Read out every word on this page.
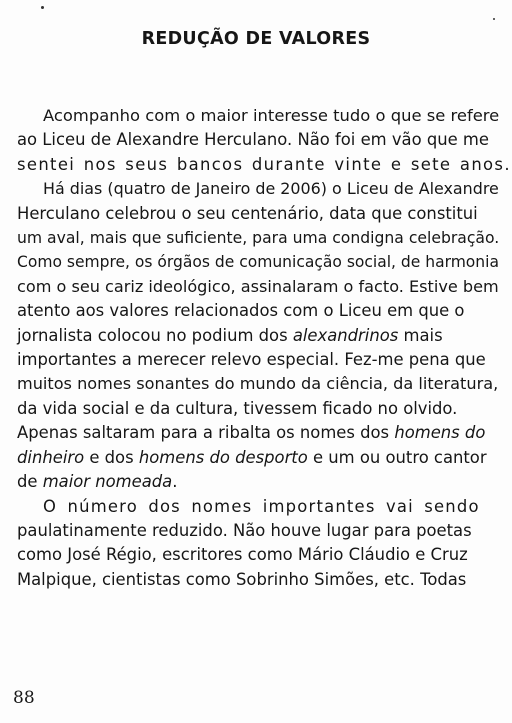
REDUÇÃO DE VALORES

Acompanho com o maior interesse tudo o que se refere
ao Liceu de Alexandre Herculano. Não foi em vão que me
sentei nos seus bancos durante vinte e sete anos.

Há dias (quatro de Janeiro de 2006) o Liceu de Alexandre
Herculano celebrou o seu centenário, data que constitui
um aval, mais que suficiente, para uma condigna celebração.
Como sempre, os órgãos de comunicação social, de harmonia
com o seu cariz ideológico, assinalaram o facto. Estive bem
atento aos valores relacionados com o Liceu em que o
jornalista colocou no podium dos alexandrinos mais
importantes a merecer relevo especial. Fez-me pena que
muitos nomes sonantes do mundo da ciência, da literatura,
da vida social e da cultura, tivessem ficado no olvido.
Apenas saltaram para a ribalta os nomes dos homens do
dinheiro e dos homens do desporto e um ou outro cantor
de maior nomeada.

O número dos nomes importantes vai sendo
paulatinamente reduzido. Não houve lugar para poetas
como José Régio, escritores como Mário Cláudio e Cruz
Malpique, cientistas como Sobrinho Simões, etc. Todas

88
